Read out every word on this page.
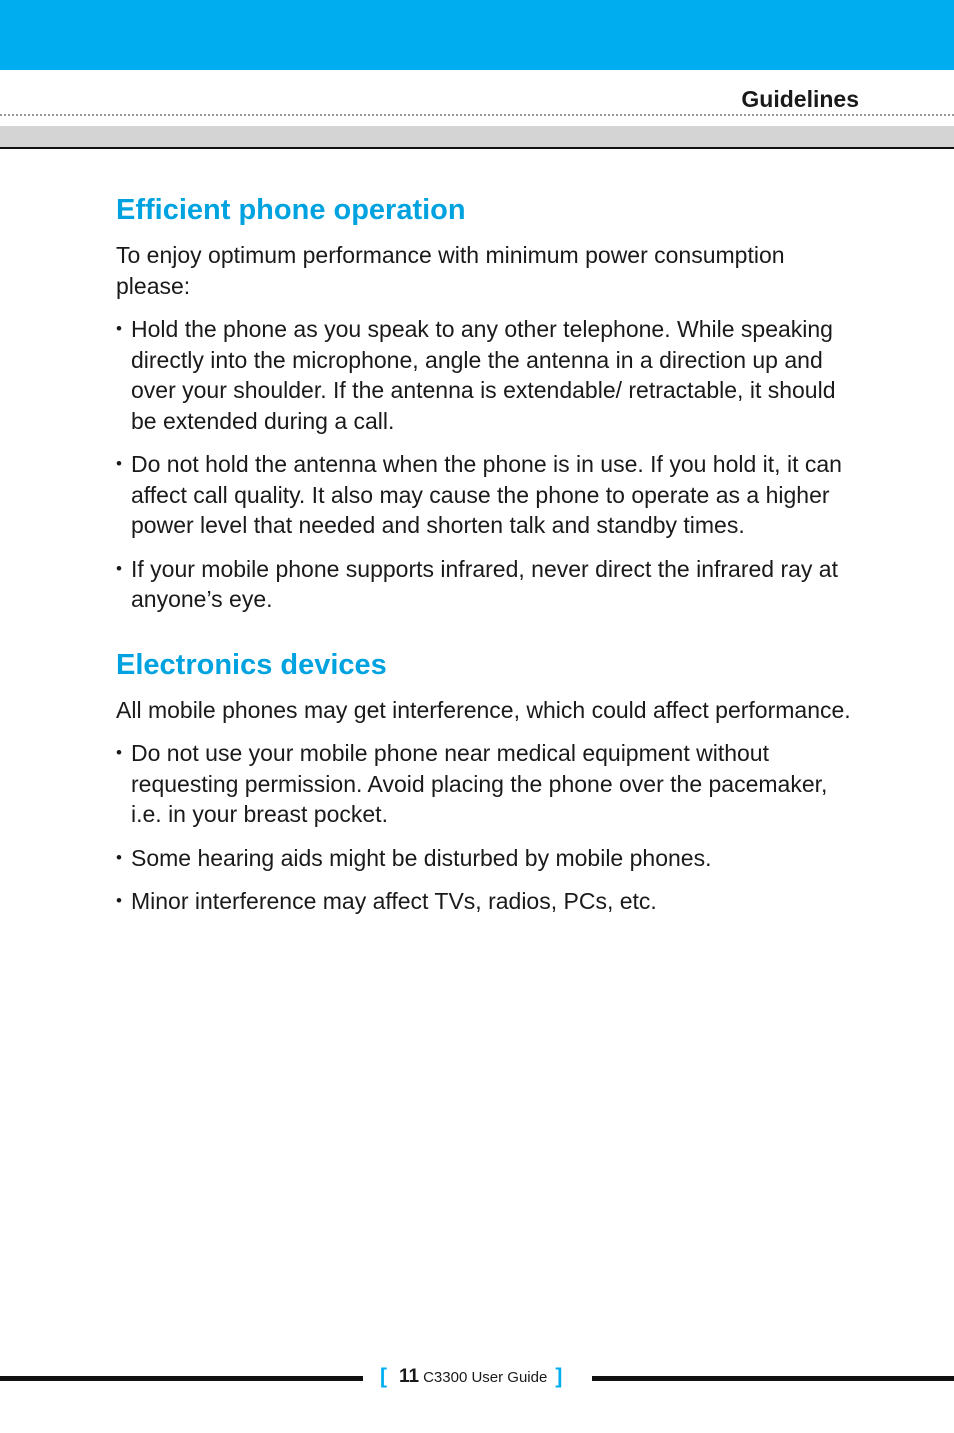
Guidelines
Efficient phone operation

To enjoy optimum performance with minimum power consumption please:

• Hold the phone as you speak to any other telephone. While speaking directly into the microphone, angle the antenna in a direction up and over your shoulder. If the antenna is extendable/ retractable, it should be extended during a call.
• Do not hold the antenna when the phone is in use. If you hold it, it can affect call quality. It also may cause the phone to operate as a higher power level that needed and shorten talk and standby times.
• If your mobile phone supports infrared, never direct the infrared ray at anyone’s eye.
Electronics devices

All mobile phones may get interference, which could affect performance.

• Do not use your mobile phone near medical equipment without requesting permission. Avoid placing the phone over the pacemaker, i.e. in your breast pocket.
• Some hearing aids might be disturbed by mobile phones.
• Minor interference may affect TVs, radios, PCs, etc.
[ 11 C3300 User Guide ]
